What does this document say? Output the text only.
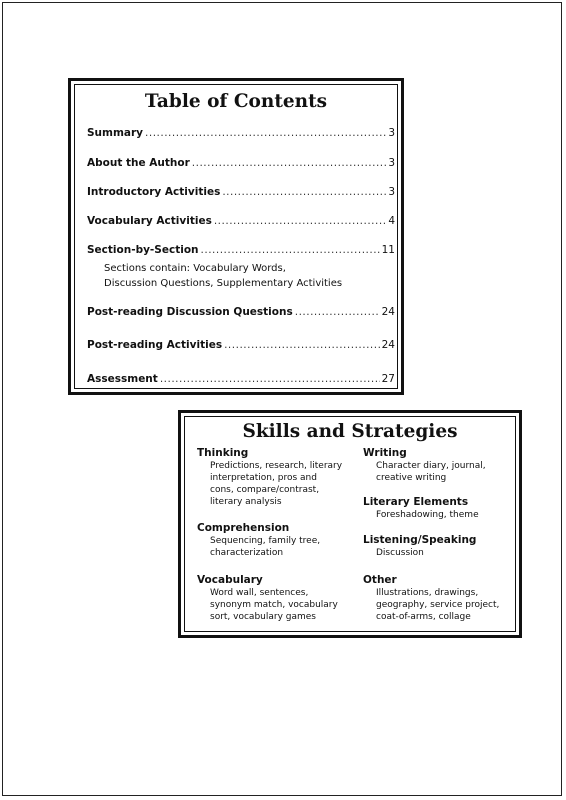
Table of Contents
Summary .....	3
About the Author .....	3
Introductory Activities .....	3
Vocabulary Activities .....	4
Section-by-Section .....	11
Sections contain: Vocabulary Words,
Discussion Questions, Supplementary Activities
Post-reading Discussion Questions .....	24
Post-reading Activities .....	24
Assessment .....	27
Skills and Strategies
Thinking
Predictions, research, literary
interpretation, pros and
cons, compare/contrast,
literary analysis
Comprehension
Sequencing, family tree,
characterization
Vocabulary
Word wall, sentences,
synonym match, vocabulary
sort, vocabulary games
Writing
Character diary, journal,
creative writing
Literary Elements
Foreshadowing, theme
Listening/Speaking
Discussion
Other
Illustrations, drawings,
geography, service project,
coat-of-arms, collage
